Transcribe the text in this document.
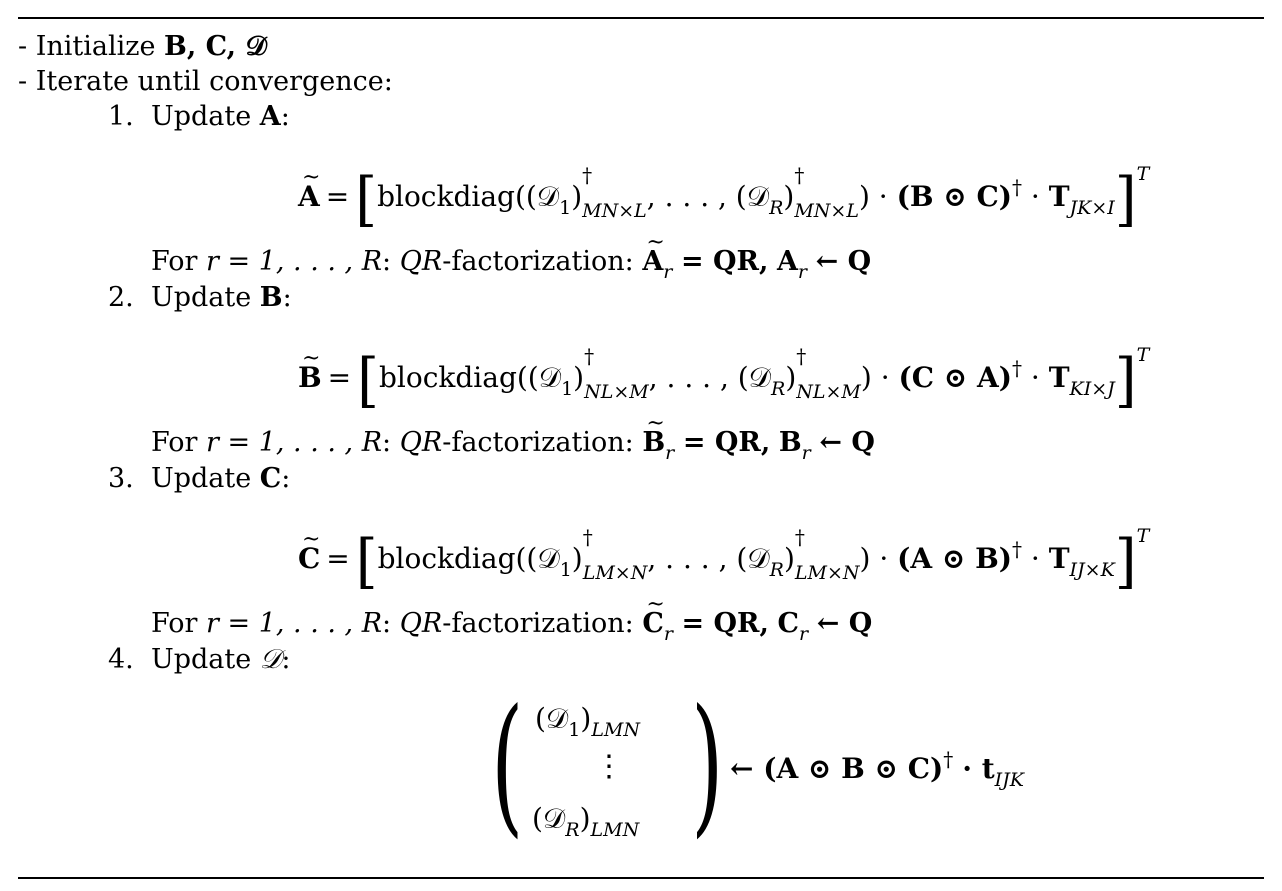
- Initialize B, C, 𝒟
- Iterate until convergence:
1. Update A:
~ A = [blockdiag((𝒟$_1$)
†
$_{MN\times L}$, . . . , (𝒟$_R$)
†
$_{MN\times L}$) · (B ⊙ $C)^\dagger \cdot T_{JK\times I}]^T$
For r = 1, . . . , R: QR-factorization: ~ $A_r$ = QR, $A_r$ ← Q
2. Update B:
~ B = [blockdiag((𝒟$_1$)
†
$_{NL\times M}$, . . . , (𝒟$_R$)
†
$_{NL\times M}$) · (C ⊙ $A)^\dagger \cdot T_{KI\times J}]^T$
For r = 1, . . . , R: QR-factorization: ~ $B_r$ = QR, $B_r$ ← Q
3. Update C:
~ C = [blockdiag((𝒟$_1$)
†
$_{LM\times N}$, . . . , (𝒟$_R$)
†
$_{LM\times N}$) · (A ⊙ $B)^\dagger \cdot T_{IJ\times K}]^T$
For r = 1, . . . , R: QR-factorization: ~ $C_r$ = QR, $C_r$ ← Q
4. Update 𝒟:
( )
$(𝒟_1)_{LMN}$
⋮
$(𝒟_R)_{LMN}$
← (A ⊙ B ⊙ $C)^\dagger \cdot t_{IJK}$
